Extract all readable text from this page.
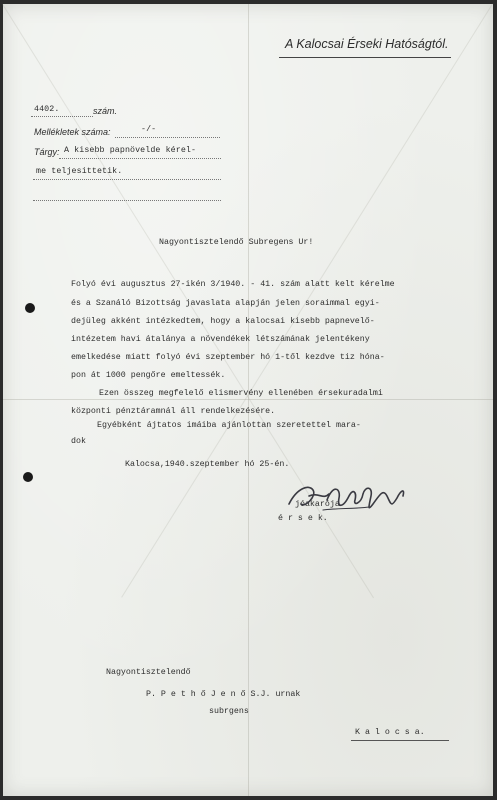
A Kalocsai Érseki Hatóságtól.
4402.	szám.
Mellékletek száma:	-/-
Tárgy: A kisebb papnövelde kérel-
me teljesittetik.
Nagyontisztelendő Subregens Ur!
Folyó évi augusztus 27-ikén 3/1940. - 41. szám alatt kelt kérelme
és a Szanáló Bizottság javaslata alapján jelen soraimmal egyi-
dejüleg akként intézkedtem, hogy a kalocsai kisebb papnevelő-
intézetem havi átalánya a növendékek létszámának jelentékeny
emelkedése miatt folyó évi szeptember hó 1-től kezdve tiz hóna-
pon át 1000 pengőre emeltessék.
Ezen összeg megfelelő elismervény ellenében érsekuradalmi
központi pénztáramnál áll rendelkezésére.
Egyébként ájtatos imáiba ajánlottan szeretettel mara-
dok
Kalocsa,1940.szeptember hó 25-én.
jóakarója
é r s e k.
Nagyontisztelendő
P. P e t h ő J e n ő S.J. urnak
subrgens
K a l o c s a.
